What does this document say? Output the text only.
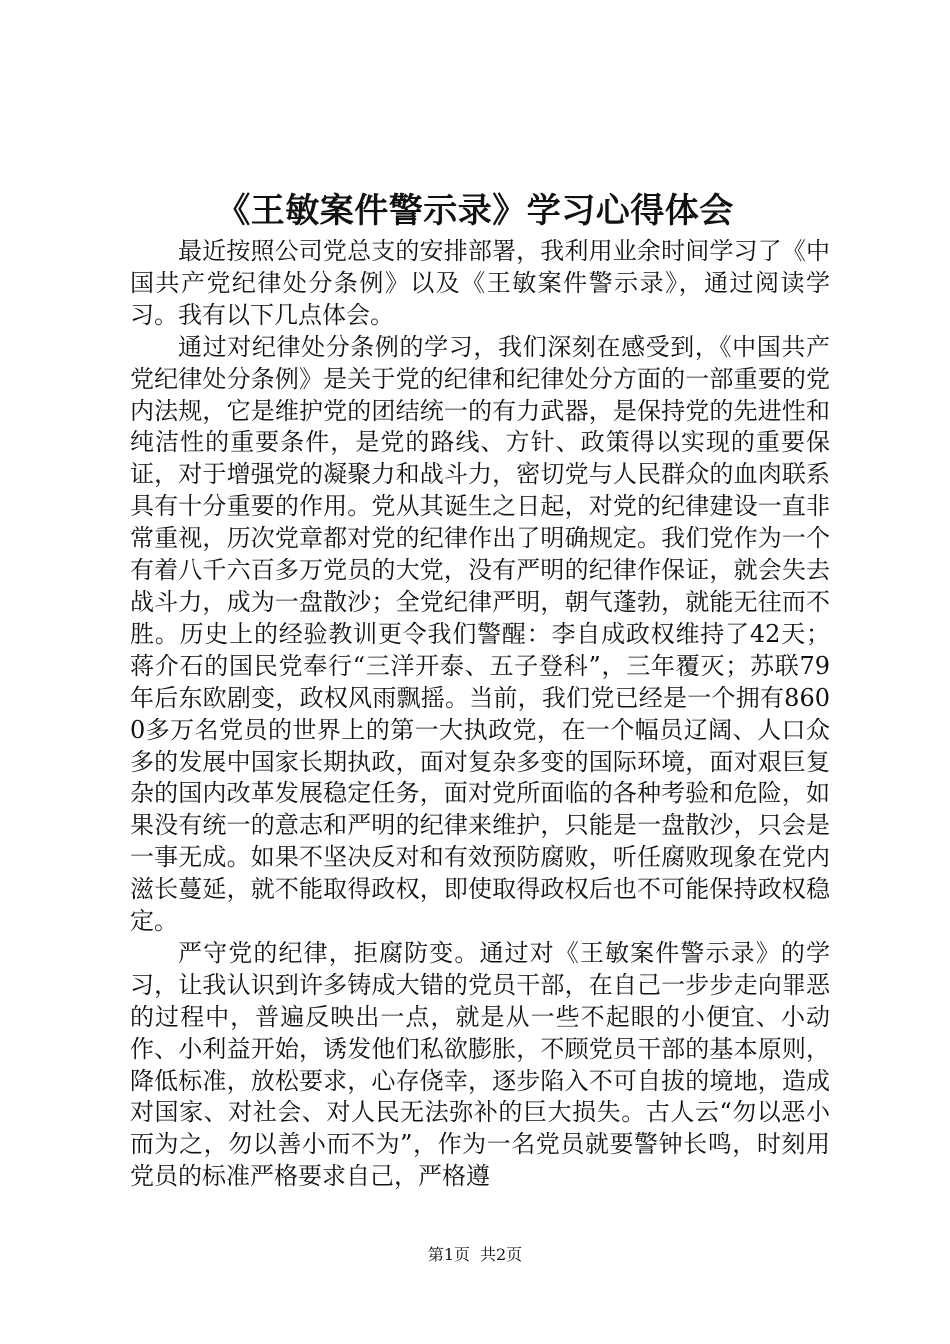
《王敏案件警示录》学习心得体会

最近按照公司党总支的安排部署，我利用业余时间学习了《中国共产党纪律处分条例》以及《王敏案件警示录》，通过阅读学习。我有以下几点体会。

通过对纪律处分条例的学习，我们深刻在感受到，《中国共产党纪律处分条例》是关于党的纪律和纪律处分方面的一部重要的党内法规，它是维护党的团结统一的有力武器，是保持党的先进性和纯洁性的重要条件，是党的路线、方针、政策得以实现的重要保证，对于增强党的凝聚力和战斗力，密切党与人民群众的血肉联系具有十分重要的作用。党从其诞生之日起，对党的纪律建设一直非常重视，历次党章都对党的纪律作出了明确规定。我们党作为一个有着八千六百多万党员的大党，没有严明的纪律作保证，就会失去战斗力，成为一盘散沙；全党纪律严明，朝气蓬勃，就能无往而不胜。历史上的经验教训更令我们警醒：李自成政权维持了42天；蒋介石的国民党奉行“三洋开泰、五子登科”，三年覆灭；苏联79年后东欧剧变，政权风雨飘摇。当前，我们党已经是一个拥有8600多万名党员的世界上的第一大执政党，在一个幅员辽阔、人口众多的发展中国家长期执政，面对复杂多变的国际环境，面对艰巨复杂的国内改革发展稳定任务，面对党所面临的各种考验和危险，如果没有统一的意志和严明的纪律来维护，只能是一盘散沙，只会是一事无成。如果不坚决反对和有效预防腐败，听任腐败现象在党内滋长蔓延，就不能取得政权，即使取得政权后也不可能保持政权稳定。

严守党的纪律，拒腐防变。通过对《王敏案件警示录》的学习，让我认识到许多铸成大错的党员干部，在自己一步步走向罪恶的过程中，普遍反映出一点，就是从一些不起眼的小便宜、小动作、小利益开始，诱发他们私欲膨胀，不顾党员干部的基本原则，降低标准，放松要求，心存侥幸，逐步陷入不可自拔的境地，造成对国家、对社会、对人民无法弥补的巨大损失。古人云“勿以恶小而为之，勿以善小而不为”，作为一名党员就要警钟长鸣，时刻用党员的标准严格要求自己，严格遵

第1页 共2页
